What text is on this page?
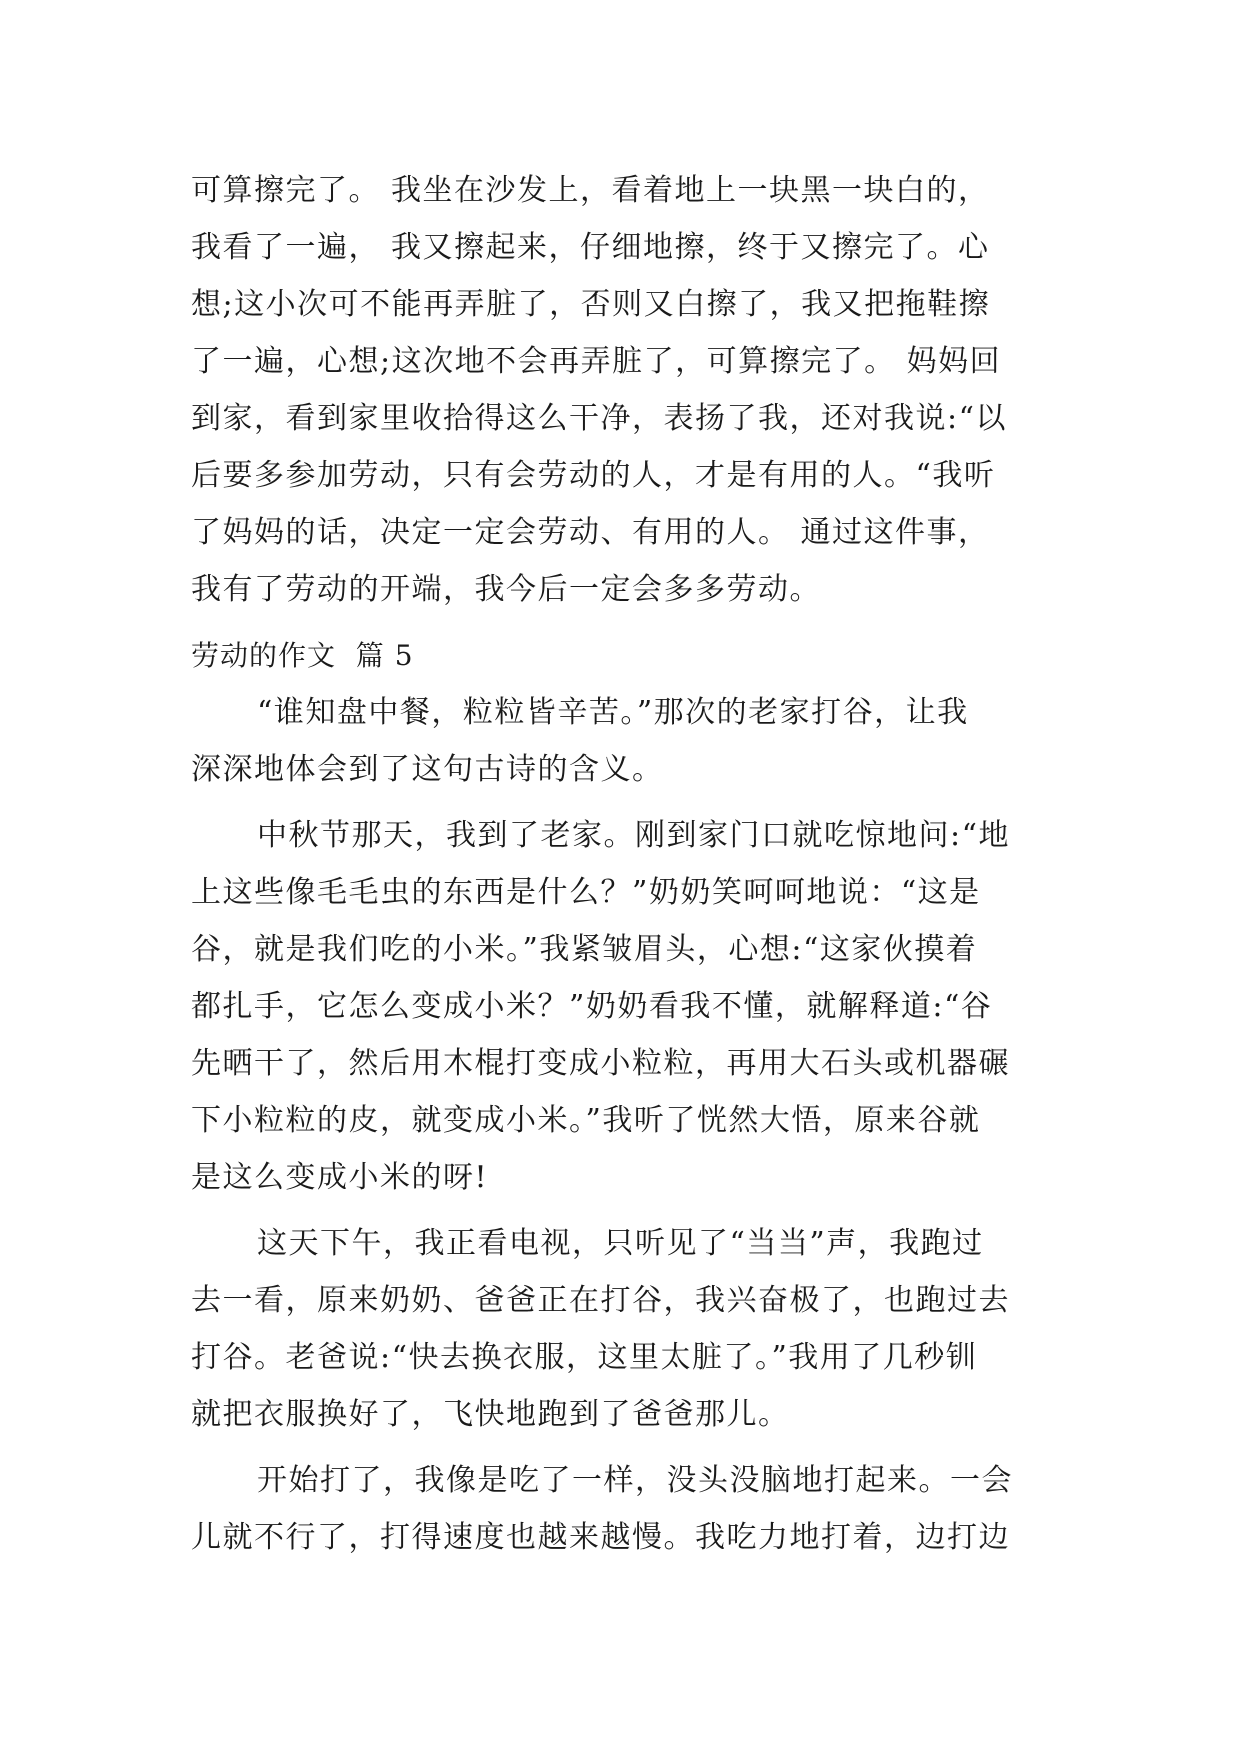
可算擦完了。 我坐在沙发上，看着地上一块黑一块白的，
我看了一遍， 我又擦起来，仔细地擦，终于又擦完了。心
想;这小次可不能再弄脏了，否则又白擦了，我又把拖鞋擦
了一遍，心想;这次地不会再弄脏了，可算擦完了。 妈妈回
到家，看到家里收拾得这么干净，表扬了我，还对我说:“以
后要多参加劳动，只有会劳动的人，才是有用的人。“我听
了妈妈的话，决定一定会劳动、有用的人。 通过这件事，
我有了劳动的开端，我今后一定会多多劳动。
劳动的作文  篇 5
“谁知盘中餐，粒粒皆辛苦。”那次的老家打谷，让我
深深地体会到了这句古诗的含义。
中秋节那天，我到了老家。刚到家门口就吃惊地问:“地
上这些像毛毛虫的东西是什么？”奶奶笑呵呵地说：“这是
谷，就是我们吃的小米。”我紧皱眉头，心想:“这家伙摸着
都扎手，它怎么变成小米？”奶奶看我不懂，就解释道:“谷
先晒干了，然后用木棍打变成小粒粒，再用大石头或机器碾
下小粒粒的皮，就变成小米。”我听了恍然大悟，原来谷就
是这么变成小米的呀!
这天下午，我正看电视，只听见了“当当”声，我跑过
去一看，原来奶奶、爸爸正在打谷，我兴奋极了，也跑过去
打谷。老爸说:“快去换衣服，这里太脏了。”我用了几秒钏
就把衣服换好了，飞快地跑到了爸爸那儿。
开始打了，我像是吃了一样，没头没脑地打起来。一会
儿就不行了，打得速度也越来越慢。我吃力地打着，边打边
